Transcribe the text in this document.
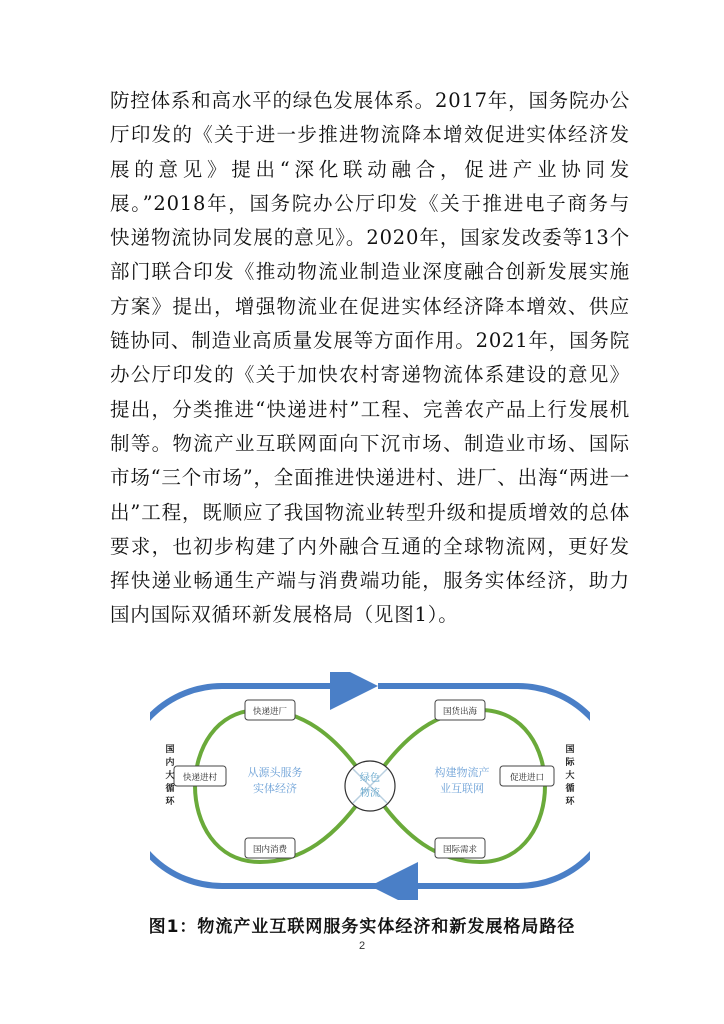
防控体系和高水平的绿色发展体系。2017年，国务院办公厅印发的《关于进一步推进物流降本增效促进实体经济发展的意见》提出“深化联动融合，促进产业协同发展。”2018年，国务院办公厅印发《关于推进电子商务与快递物流协同发展的意见》。2020年，国家发改委等13个部门联合印发《推动物流业制造业深度融合创新发展实施方案》提出，增强物流业在促进实体经济降本增效、供应链协同、制造业高质量发展等方面作用。2021年，国务院办公厅印发的《关于加快农村寄递物流体系建设的意见》提出，分类推进“快递进村”工程、完善农产品上行发展机制等。物流产业互联网面向下沉市场、制造业市场、国际市场“三个市场”，全面推进快递进村、进厂、出海“两进一出”工程，既顺应了我国物流业转型升级和提质增效的总体要求，也初步构建了内外融合互通的全球物流网，更好发挥快递业畅通生产端与消费端功能，服务实体经济，助力国内国际双循环新发展格局（见图1）。

绿色
物流
从源头服务
实体经济
构建物流产
业互联网
快递进厂
快递进村
国内消费
国货出海
促进进口
国际需求
国
内
大
循
环
国
际
大
循
环
图1：物流产业互联网服务实体经济和新发展格局路径
2
